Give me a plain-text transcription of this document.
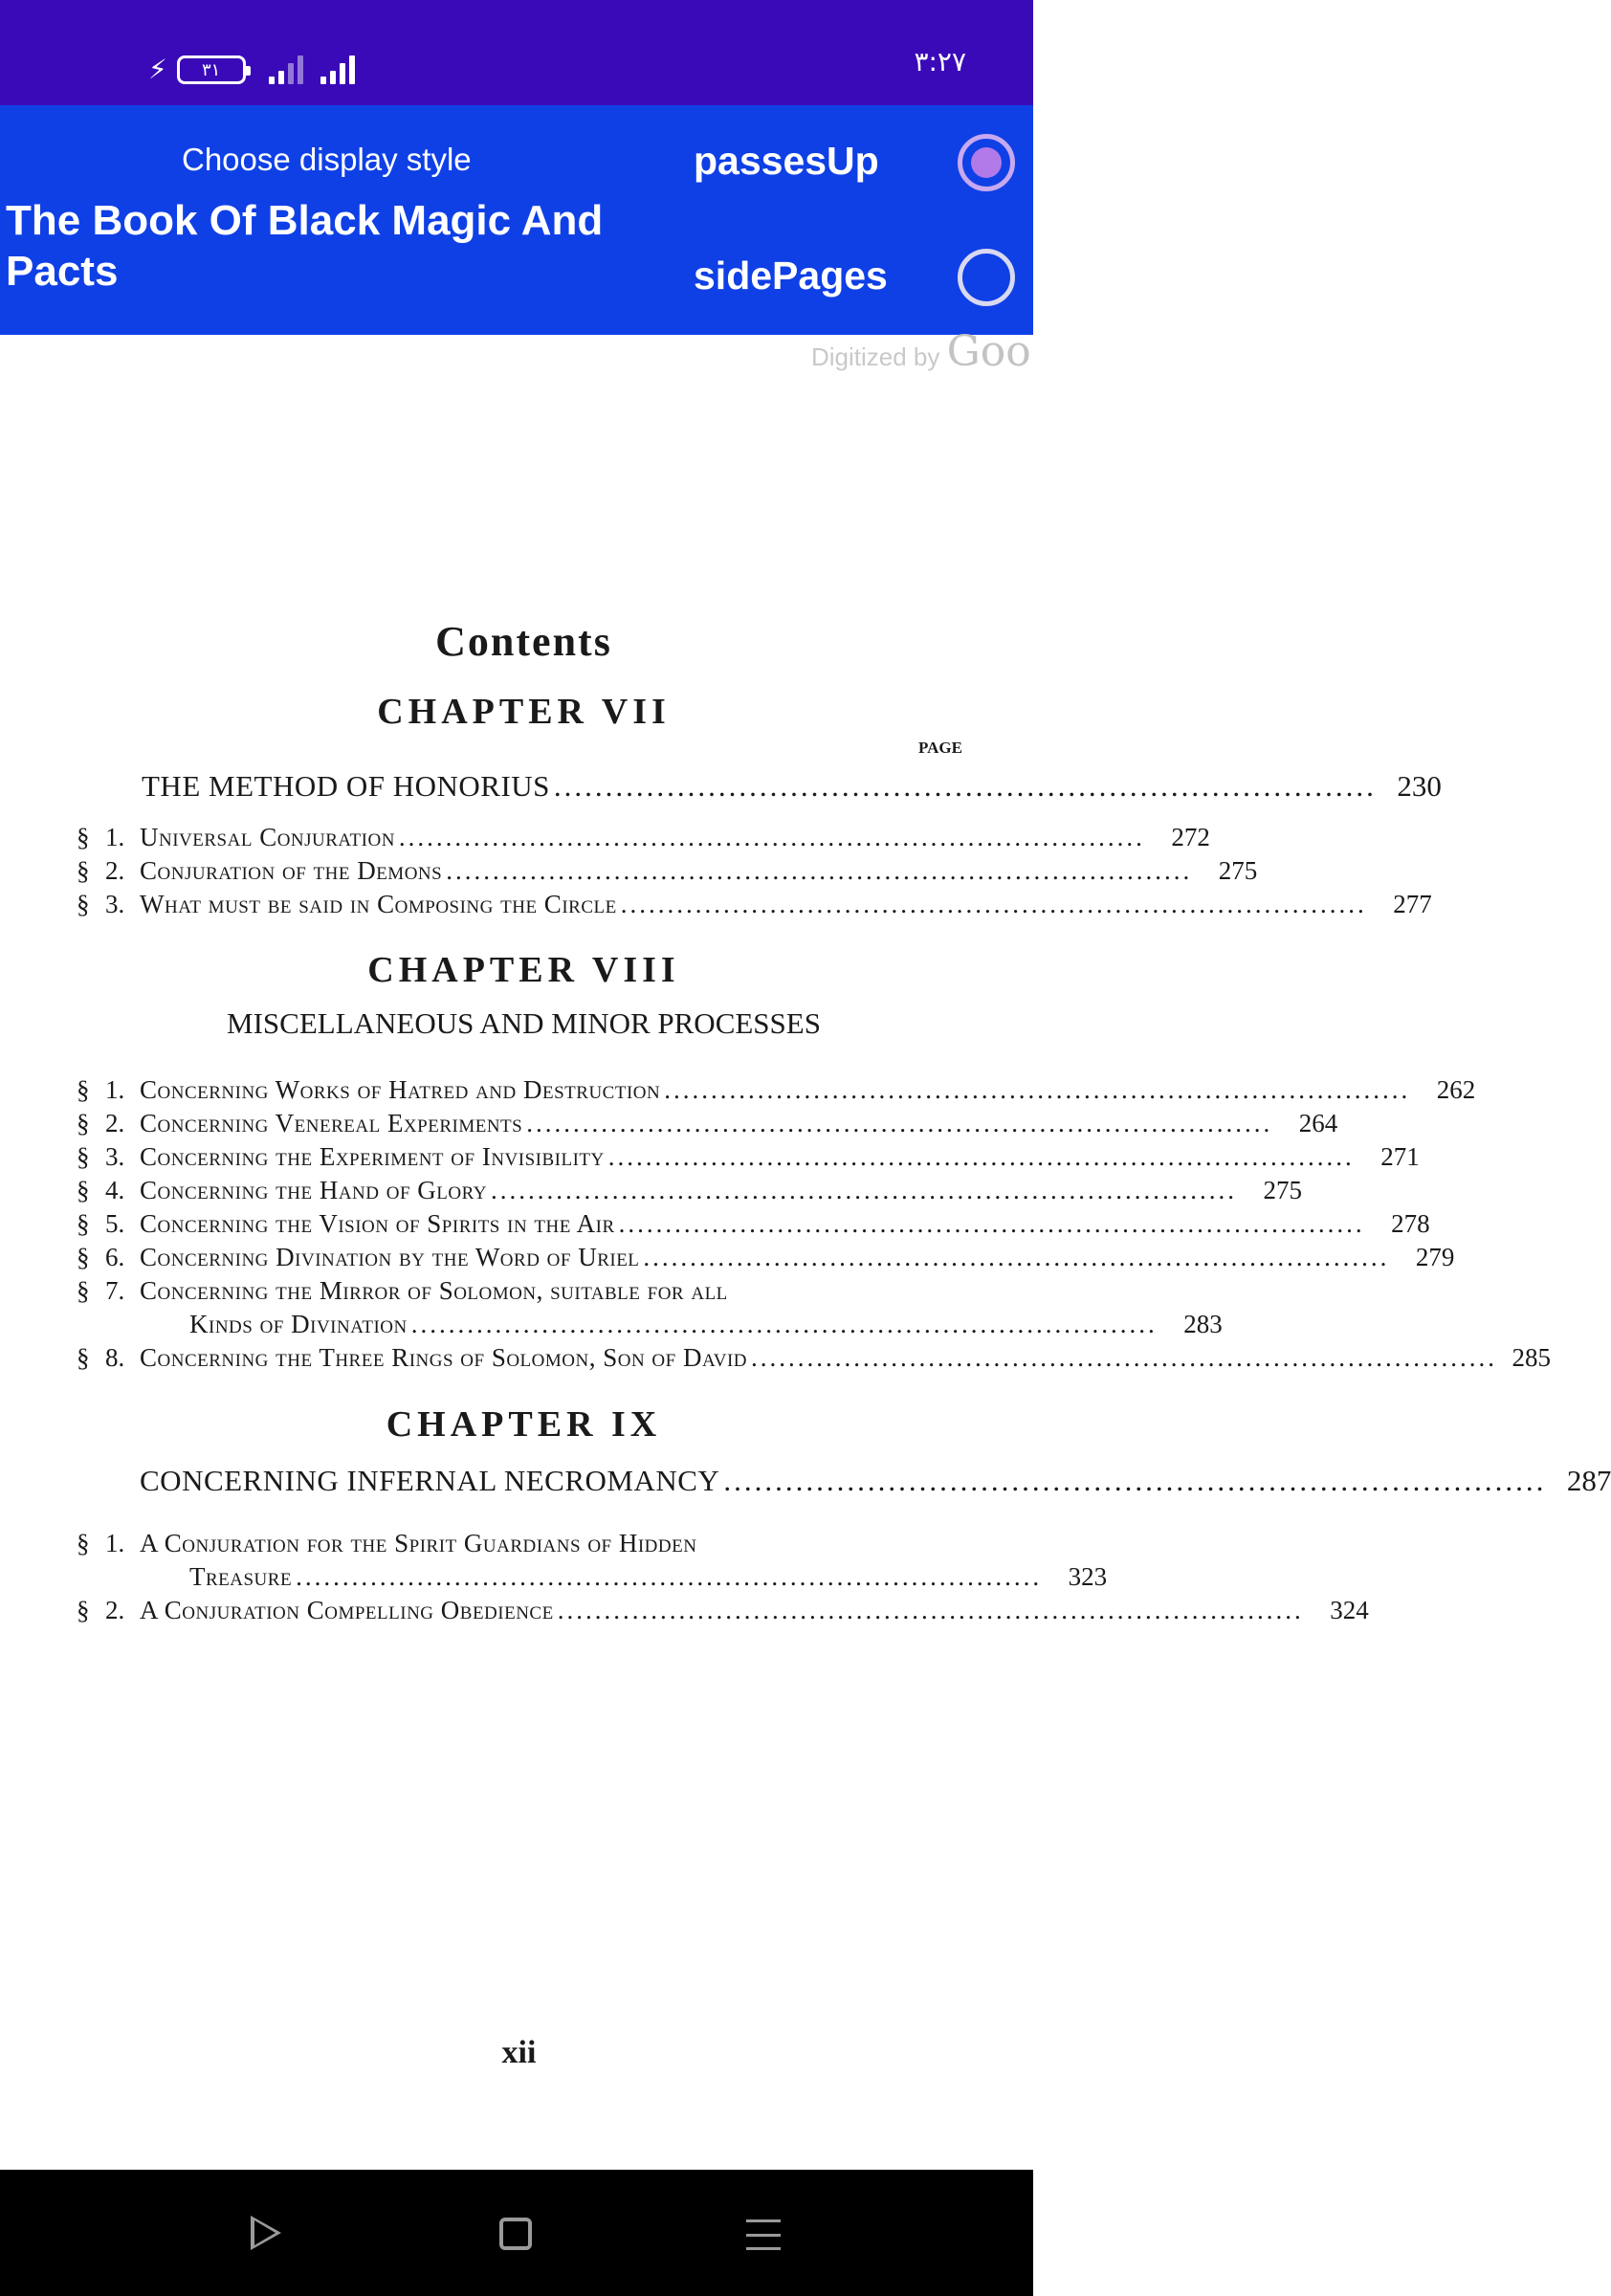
⚡ ۳۱	۳:۲۷
Choose display style
The Book Of Black Magic And Pacts
passesUp
sidePages
Digitized by Goo
Contents
CHAPTER VII
PAGE
THE METHOD OF HONORIUS ................................................................................ 230
§ 1. Universal Conjuration ................................................................................	272
§ 2. Conjuration of the Demons ................................................................................	275
§ 3. What must be said in Composing the Circle ................................................................................	277
CHAPTER VIII
MISCELLANEOUS AND MINOR PROCESSES
§ 1. Concerning Works of Hatred and Destruction ................................................................................	262
§ 2. Concerning Venereal Experiments ................................................................................	264
§ 3. Concerning the Experiment of Invisibility ................................................................................	271
§ 4. Concerning the Hand of Glory ................................................................................	275
§ 5. Concerning the Vision of Spirits in the Air ................................................................................	278
§ 6. Concerning Divination by the Word of Uriel ................................................................................	279
§ 7. Concerning the Mirror of Solomon, suitable for all
Kinds of Divination ................................................................................	283
§ 8. Concerning the Three Rings of Solomon, Son of David ................................................................................ 285
CHAPTER IX
CONCERNING INFERNAL NECROMANCY ................................................................................ 287
§ 1. A Conjuration for the Spirit Guardians of Hidden
Treasure ................................................................................	323
§ 2. A Conjuration Compelling Obedience ................................................................................	324
xii
